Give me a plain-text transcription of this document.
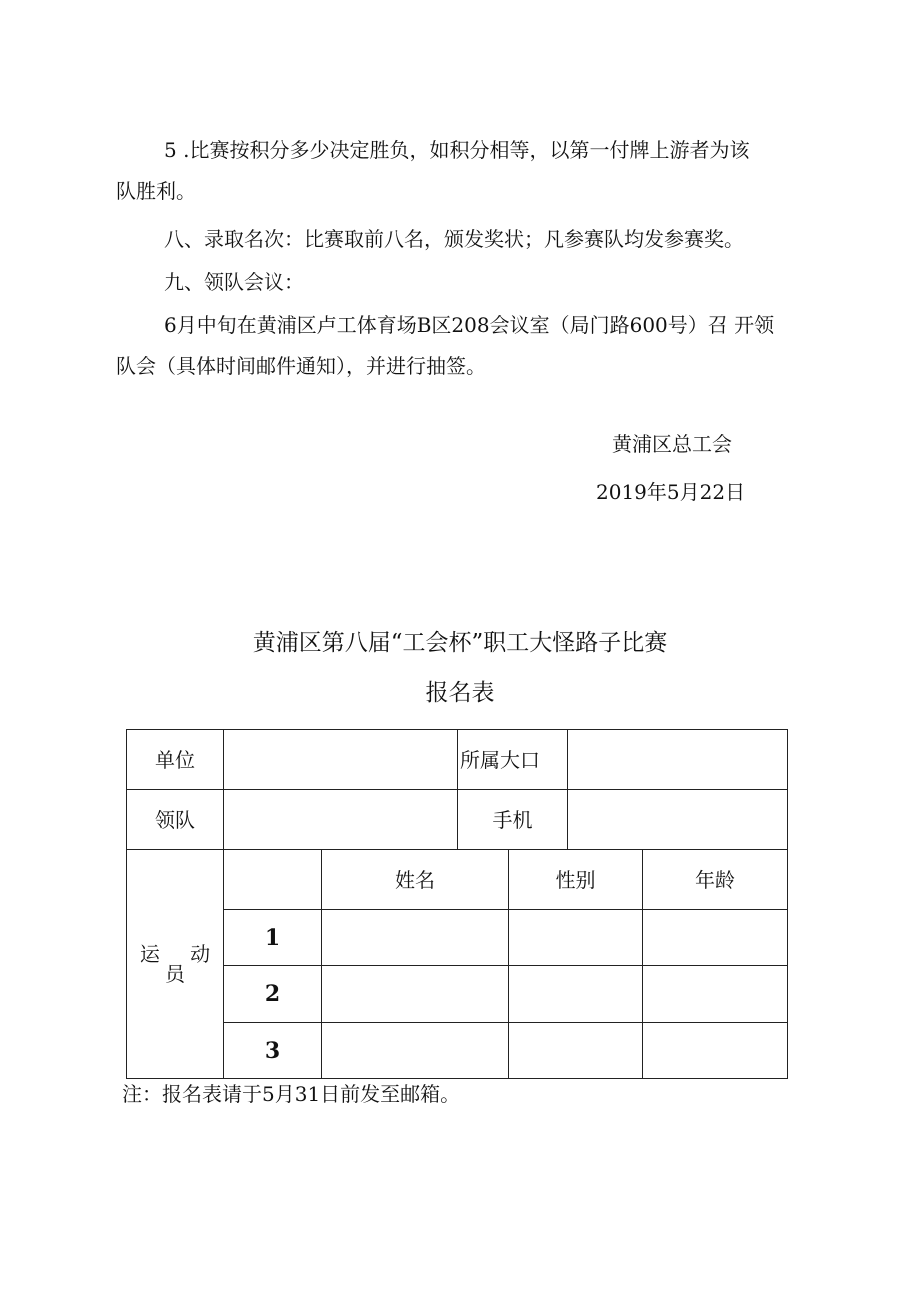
5 .比赛按积分多少决定胜负，如积分相等，以第一付牌上游者为该

队胜利。

八、录取名次：比赛取前八名，颁发奖状；凡参赛队均发参赛奖。

九、领队会议：

6月中旬在黄浦区卢工体育场B区208会议室（局门路600号）召 开领

队会（具体时间邮件通知），并进行抽签。

黄浦区总工会

2019年5月22日

黄浦区第八届“工会杯”职工大怪路子比赛
报名表
单位			所属大口			
领队			手机			
运 动 员		姓名		性别		年龄
	1					
	2					
	3					

注：报名表请于5月31日前发至邮箱。
